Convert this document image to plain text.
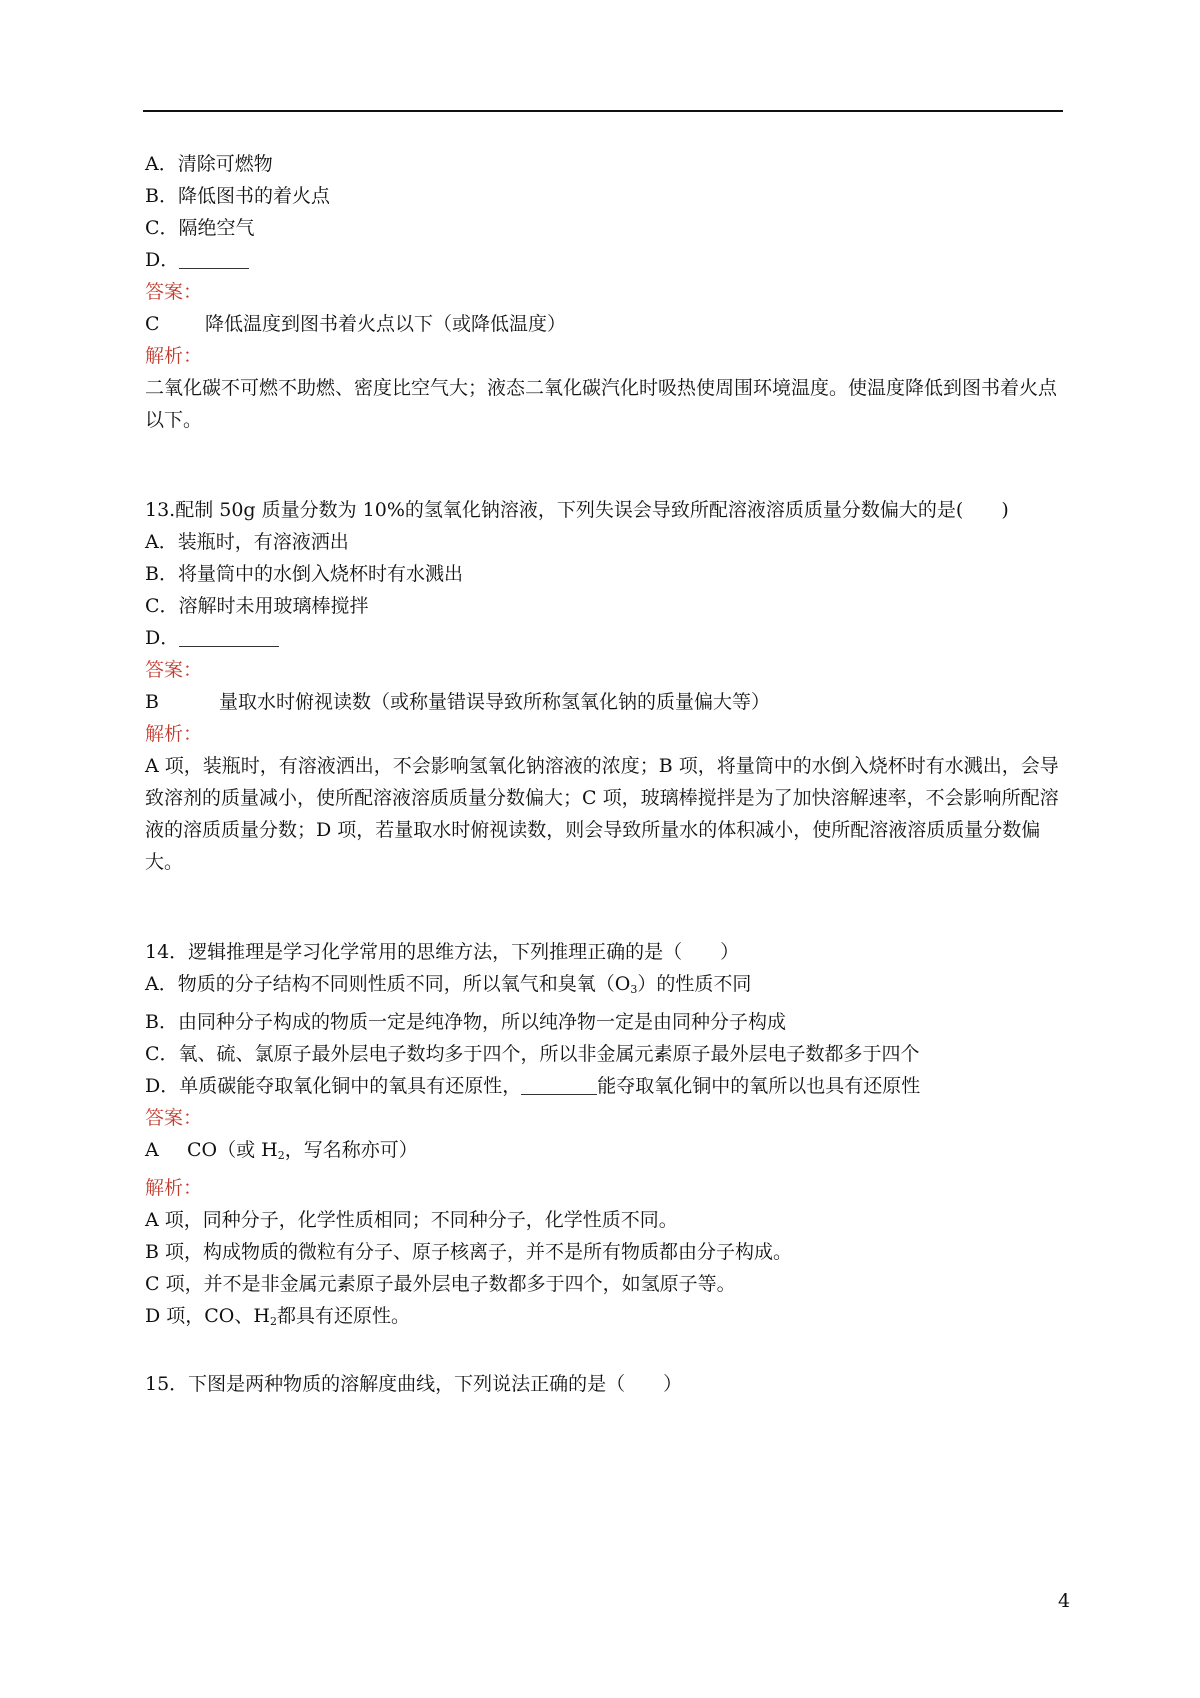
A．清除可燃物

B．降低图书的着火点

C．隔绝空气

D．

答案：

C 降低温度到图书着火点以下（或降低温度）

解析：

二氧化碳不可燃不助燃、密度比空气大；液态二氧化碳汽化时吸热使周围环境温度。使温度降低到图书着火点以下。

13.配制 50g 质量分数为 10%的氢氧化钠溶液，下列失误会导致所配溶液溶质质量分数偏大的是(　　)

A．装瓶时，有溶液洒出

B．将量筒中的水倒入烧杯时有水溅出

C．溶解时未用玻璃棒搅拌

D．

答案：

B	量取水时俯视读数（或称量错误导致所称氢氧化钠的质量偏大等）

解析：

A 项，装瓶时，有溶液洒出，不会影响氢氧化钠溶液的浓度；B 项，将量筒中的水倒入烧杯时有水溅出，会导致溶剂的质量减小，使所配溶液溶质质量分数偏大；C 项，玻璃棒搅拌是为了加快溶解速率，不会影响所配溶液的溶质质量分数；D 项，若量取水时俯视读数，则会导致所量水的体积减小，使所配溶液溶质质量分数偏大。

14．逻辑推理是学习化学常用的思维方法，下列推理正确的是（　　）

A．物质的分子结构不同则性质不同，所以氧气和臭氧$(O_3)$的性质不同

B．由同种分子构成的物质一定是纯净物，所以纯净物一定是由同种分子构成

C．氧、硫、氯原子最外层电子数均多于四个，所以非金属元素原子最外层电子数都多于四个

D．单质碳能夺取氧化铜中的氧具有还原性，	能夺取氧化铜中的氧所以也具有还原性

答案：

A CO（或 $H_2$，写名称亦可）

解析：

A 项，同种分子，化学性质相同；不同种分子，化学性质不同。

B 项，构成物质的微粒有分子、原子核离子，并不是所有物质都由分子构成。

C 项，并不是非金属元素原子最外层电子数都多于四个，如氢原子等。

D 项，CO、$H_2$都具有还原性。

15．下图是两种物质的溶解度曲线，下列说法正确的是（　　）

4
